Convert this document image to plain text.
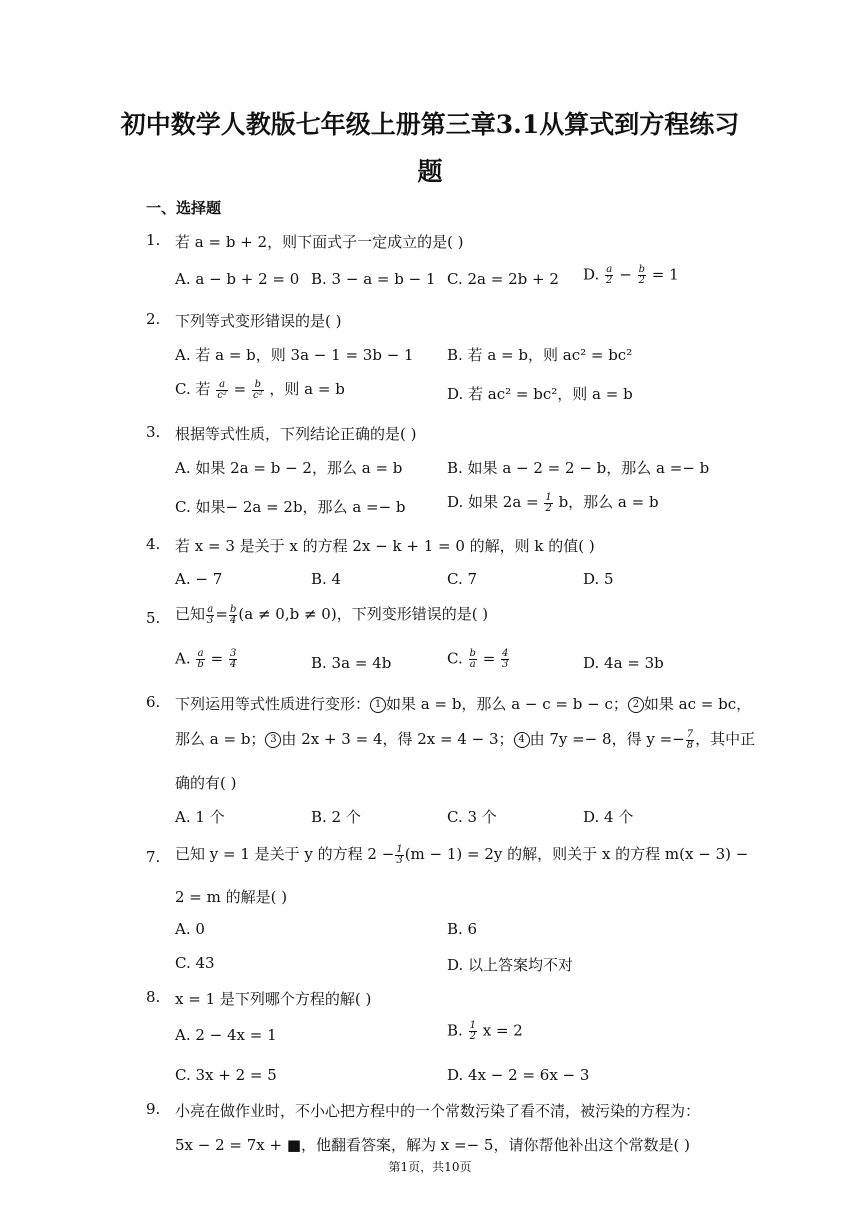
初中数学人教版七年级上册第三章3.1从算式到方程练习
题
一、选择题
1. 若 a = b + 2，则下面式子一定成立的是( )
A. a − b + 2 = 0 B. 3 − a = b − 1 C. 2a = 2b + 2 D. $\frac{a}{2} - \frac{b}{2} = 1$
2. 下列等式变形错误的是( )
A. 若 a = b，则 3a − 1 = 3b − 1 B. 若 a = b，则 ac² = bc²
C. 若 $\frac{a}{\text{c²}} = \frac{b}{\text{c²}}$ ，则 a = b	D. 若 ac² = bc²，则 a = b
3. 根据等式性质，下列结论正确的是( )
A. 如果 2a = b − 2，那么 a = b	B. 如果 a − 2 = 2 − b，那么 a =− b
C. 如果− 2a = 2b，那么 a =− b	D. 如果 $2a = \frac{1}{2}$ b，那么 a = b
4. 若 x = 3 是关于 x 的方程 2x − k + 1 = 0 的解，则 k 的值( )
A. − 7	B. 4	C. 7	D. 5
5. 已知 $\frac{a}{3} = \frac{b}{4} (a \ne 0,b \ne 0)$，下列变形错误的是( )
A. $\frac{a}{b} = \frac{3}{4}$	B. 3a = 4b	C. $\frac{b}{a} = \frac{4}{3}$	D. 4a = 3b
6. 下列运用等式性质进行变形： 1 如果 a = b，那么 a − c = b − c； 2 如果 ac = bc，
那么 a = b； 3 由 2x + 3 = 4，得 2x = 4 − 3； 4 由 7y =− 8，得 $y =- \frac{7}{8}$ ，其中正
确的有( )
A. 1 个	B. 2 个	C. 3 个	D. 4 个
7. 已知 y = 1 是关于 y 的方程 $2 - \frac{1}{3} (m - 1) = 2y$ 的解，则关于 x 的方程 m(x − 3) −
2 = m 的解是( )
A. 0	B. 6
C. 43	D. 以上答案均不对
8. x = 1 是下列哪个方程的解( )
A. 2 − 4x = 1	B. $\frac{1}{2}$ x = 2
C. 3x + 2 = 5	D. 4x − 2 = 6x − 3
9. 小亮在做作业时，不小心把方程中的一个常数污染了看不清，被污染的方程为：
5x − 2 = 7x + ■，他翻看答案，解为 x =− 5，请你帮他补出这个常数是( )
第1页，共10页
